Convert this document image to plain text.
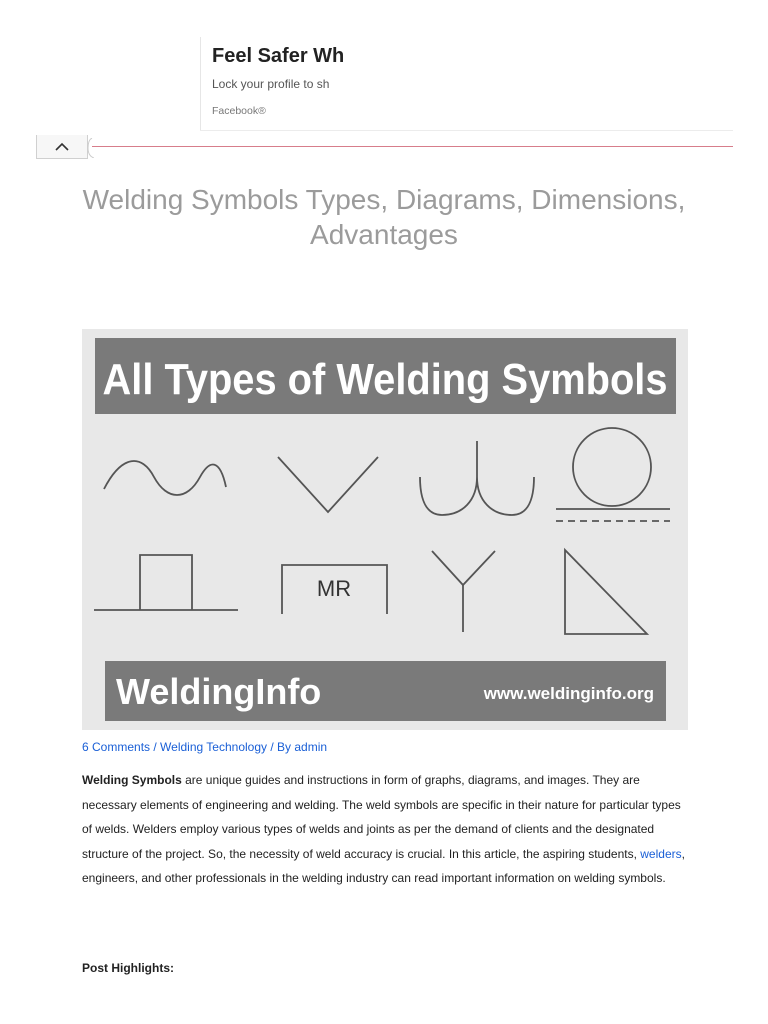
Feel Safer Wh
Lock your profile to sh
Facebook®
Welding Symbols Types, Diagrams, Dimensions, Advantages
All Types of Welding Symbols
MR
WeldingInfo	www.weldinginfo.org
6 Comments / Welding Technology / By admin

Welding Symbols are unique guides and instructions in form of graphs, diagrams, and images. They are necessary elements of engineering and welding. The weld symbols are specific in their nature for particular types of welds. Welders employ various types of welds and joints as per the demand of clients and the designated structure of the project. So, the necessity of weld accuracy is crucial. In this article, the aspiring students, welders, engineers, and other professionals in the welding industry can read important information on welding symbols.

Post Highlights:
